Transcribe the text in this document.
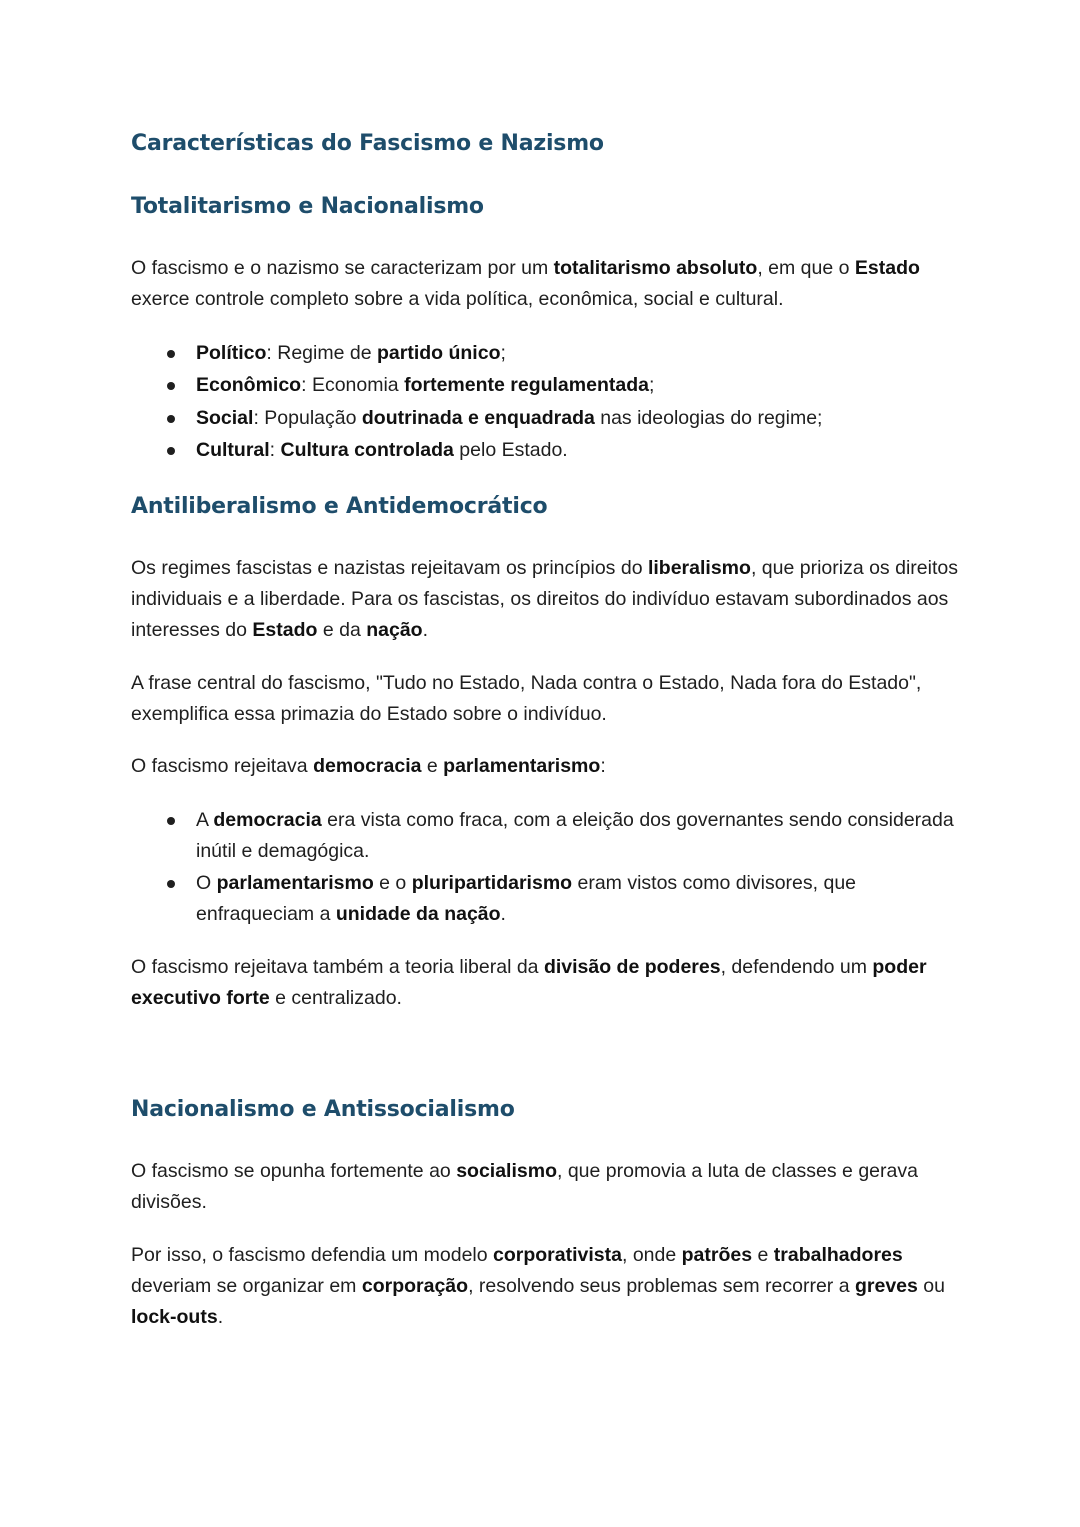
Características do Fascismo e Nazismo
Totalitarismo e Nacionalismo

O fascismo e o nazismo se caracterizam por um totalitarismo absoluto, em que o Estado exerce controle completo sobre a vida política, econômica, social e cultural.

Político: Regime de partido único;

Econômico: Economia fortemente regulamentada;

Social: População doutrinada e enquadrada nas ideologias do regime;

Cultural: Cultura controlada pelo Estado.

Antiliberalismo e Antidemocrático

Os regimes fascistas e nazistas rejeitavam os princípios do liberalismo, que prioriza os direitos individuais e a liberdade. Para os fascistas, os direitos do indivíduo estavam subordinados aos interesses do Estado e da nação.

A frase central do fascismo, "Tudo no Estado, Nada contra o Estado, Nada fora do Estado", exemplifica essa primazia do Estado sobre o indivíduo.

O fascismo rejeitava democracia e parlamentarismo:

A democracia era vista como fraca, com a eleição dos governantes sendo considerada inútil e demagógica.

O parlamentarismo e o pluripartidarismo eram vistos como divisores, que enfraqueciam a unidade da nação.

O fascismo rejeitava também a teoria liberal da divisão de poderes, defendendo um poder executivo forte e centralizado.

Nacionalismo e Antissocialismo

O fascismo se opunha fortemente ao socialismo, que promovia a luta de classes e gerava divisões.

Por isso, o fascismo defendia um modelo corporativista, onde patrões e trabalhadores deveriam se organizar em corporação, resolvendo seus problemas sem recorrer a greves ou lock-outs.
